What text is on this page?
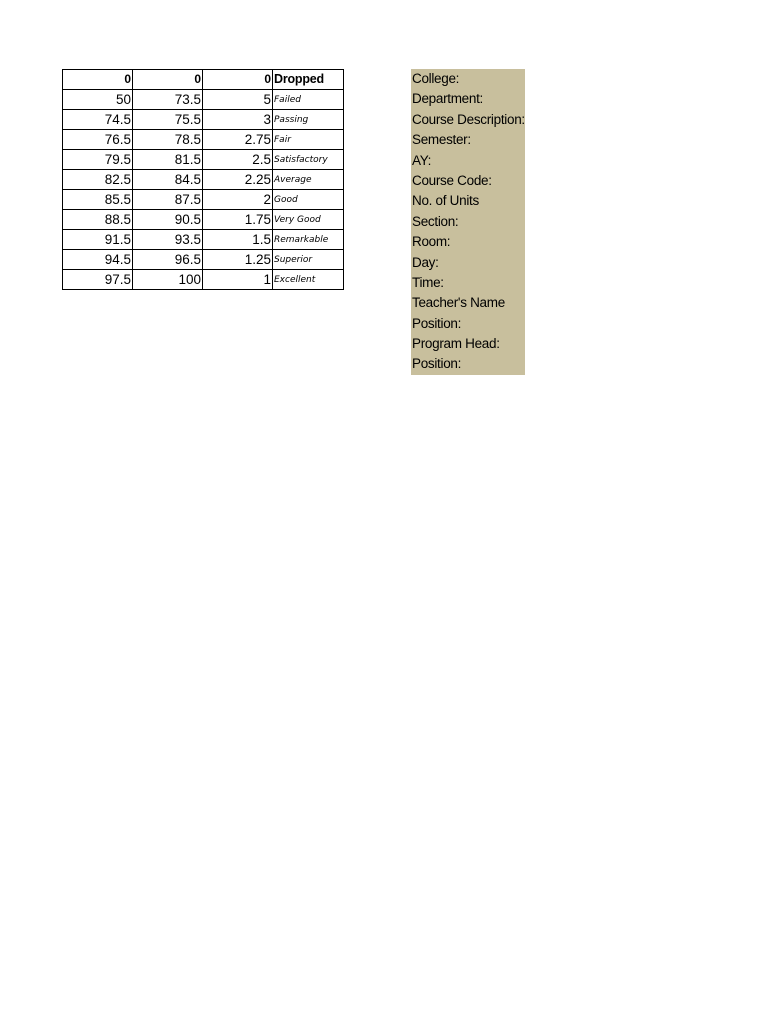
0	0	0	Dropped
50	73.5	5	Failed
74.5	75.5	3	Passing
76.5	78.5	2.75	Fair
79.5	81.5	2.5	Satisfactory
82.5	84.5	2.25	Average
85.5	87.5	2	Good
88.5	90.5	1.75	Very Good
91.5	93.5	1.5	Remarkable
94.5	96.5	1.25	Superior
97.5	100	1	Excellent
College:
Department:
Course Description:
Semester:
AY:
Course Code:
No. of Units
Section:
Room:
Day:
Time:
Teacher's Name
Position:
Program Head:
Position:
